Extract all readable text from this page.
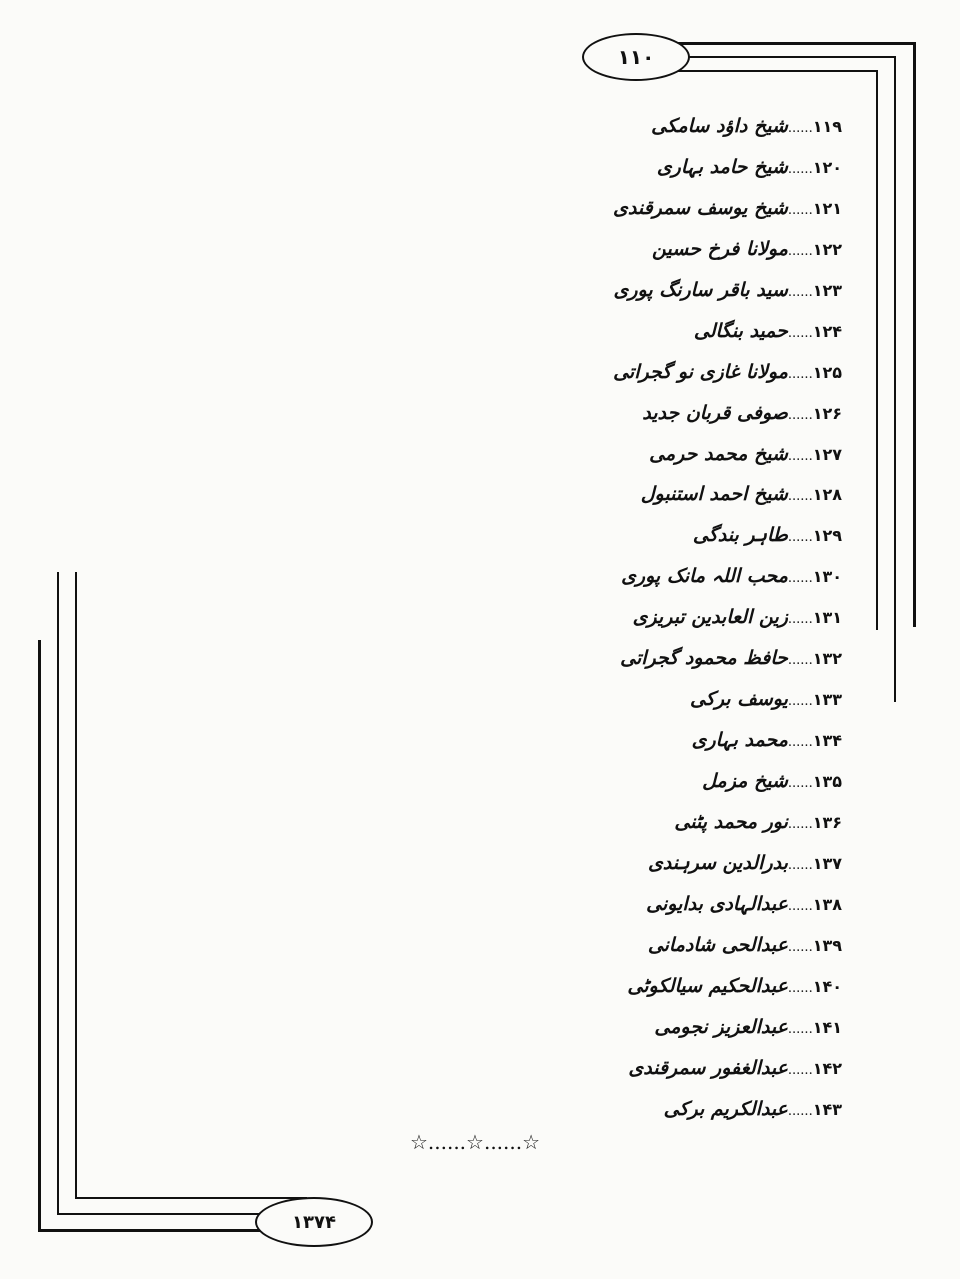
۱۱۰
۱۳۷۴
۱۱۹......شیخ داؤد سامکی
۱۲۰......شیخ حامد بہاری
۱۲۱......شیخ یوسف سمرقندی
۱۲۲......مولانا فرخ حسین
۱۲۳......سید باقر سارنگ پوری
۱۲۴......حمید بنگالی
۱۲۵......مولانا غازی نو گجراتی
۱۲۶......صوفی قربان جدید
۱۲۷......شیخ محمد حرمی
۱۲۸......شیخ احمد استنبول
۱۲۹......طاہر بندگی
۱۳۰......محب اللہ مانک پوری
۱۳۱......زین العابدین تبریزی
۱۳۲......حافظ محمود گجراتی
۱۳۳......یوسف برکی
۱۳۴......محمد بہاری
۱۳۵......شیخ مزمل
۱۳۶......نور محمد پٹنی
۱۳۷......بدرالدین سرہندی
۱۳۸......عبدالہادی بدایونی
۱۳۹......عبدالحی شادمانی
۱۴۰......عبدالحکیم سیالکوٹی
۱۴۱......عبدالعزیز نجومی
۱۴۲......عبدالغفور سمرقندی
۱۴۳......عبدالکریم برکی
☆......☆......☆
